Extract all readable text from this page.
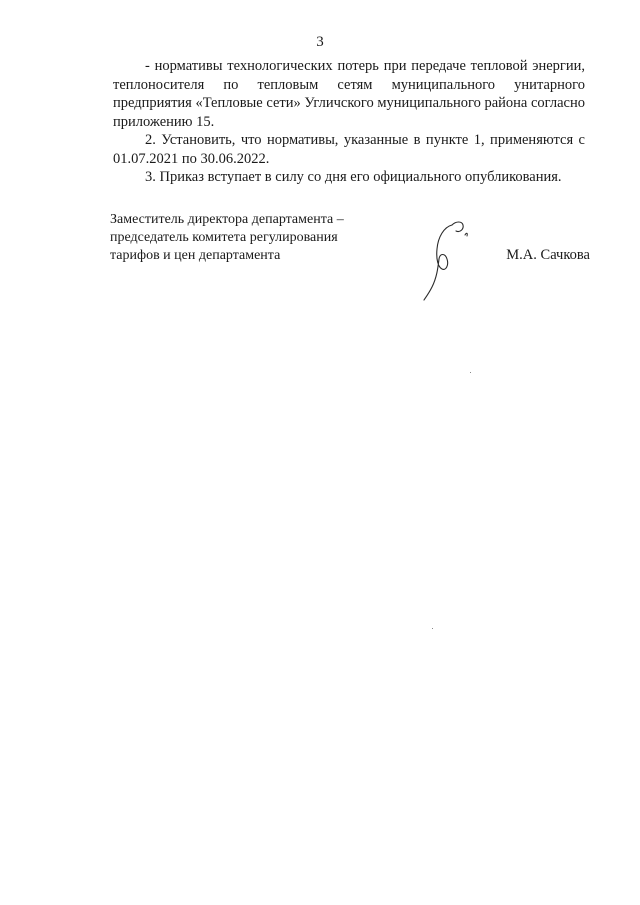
3

- нормативы технологических потерь при передаче тепловой энергии, теплоносителя по тепловым сетям муниципального унитарного предприятия «Тепловые сети» Угличского муниципального района согласно приложению 15.

2. Установить, что нормативы, указанные в пункте 1, применяются с 01.07.2021 по 30.06.2022.

3. Приказ вступает в силу со дня его официального опубликования.

Заместитель директора департамента –
председатель комитета регулирования
тарифов и цен департамента	М.А. Сачкова
